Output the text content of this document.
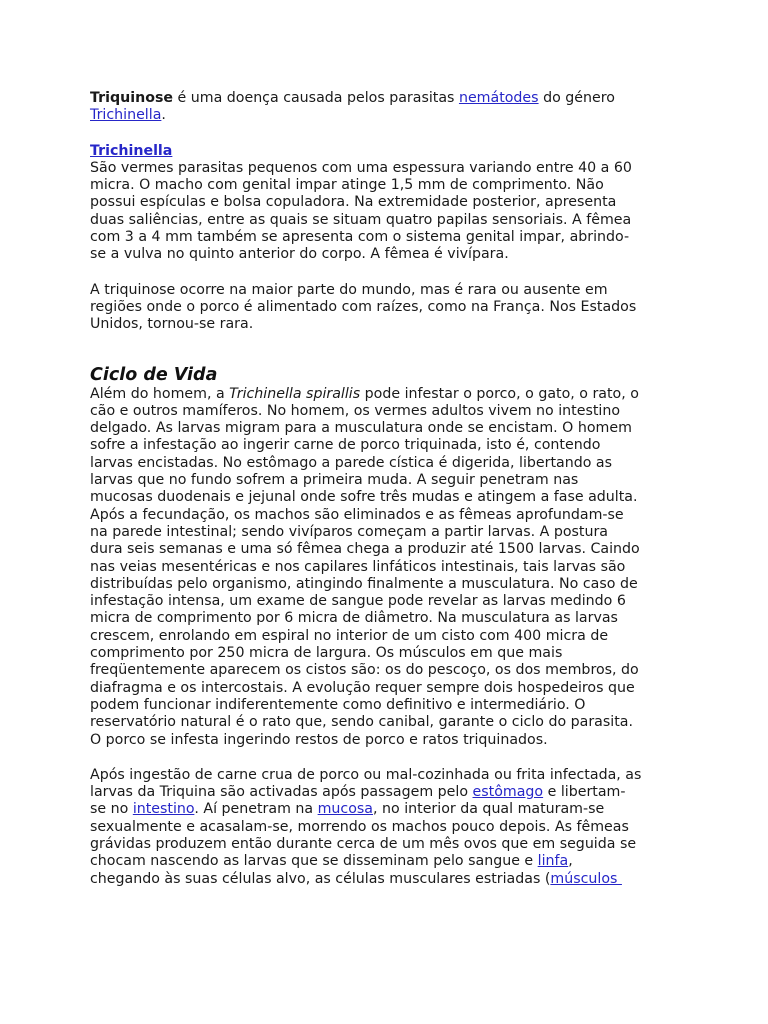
Triquinose é uma doença causada pelos parasitas nemátodes do género
Trichinella.

Trichinella
São vermes parasitas pequenos com uma espessura variando entre 40 a 60
micra. O macho com genital impar atinge 1,5 mm de comprimento. Não
possui espículas e bolsa copuladora. Na extremidade posterior, apresenta
duas saliências, entre as quais se situam quatro papilas sensoriais. A fêmea
com 3 a 4 mm também se apresenta com o sistema genital impar, abrindo-
se a vulva no quinto anterior do corpo. A fêmea é vivípara.

A triquinose ocorre na maior parte do mundo, mas é rara ou ausente em
regiões onde o porco é alimentado com raízes, como na França. Nos Estados
Unidos, tornou-se rara.

Ciclo de Vida

Além do homem, a Trichinella spirallis pode infestar o porco, o gato, o rato, o
cão e outros mamíferos. No homem, os vermes adultos vivem no intestino
delgado. As larvas migram para a musculatura onde se encistam. O homem
sofre a infestação ao ingerir carne de porco triquinada, isto é, contendo
larvas encistadas. No estômago a parede cística é digerida, libertando as
larvas que no fundo sofrem a primeira muda. A seguir penetram nas
mucosas duodenais e jejunal onde sofre três mudas e atingem a fase adulta.
Após a fecundação, os machos são eliminados e as fêmeas aprofundam-se
na parede intestinal; sendo vivíparos começam a partir larvas. A postura
dura seis semanas e uma só fêmea chega a produzir até 1500 larvas. Caindo
nas veias mesentéricas e nos capilares linfáticos intestinais, tais larvas são
distribuídas pelo organismo, atingindo finalmente a musculatura. No caso de
infestação intensa, um exame de sangue pode revelar as larvas medindo 6
micra de comprimento por 6 micra de diâmetro. Na musculatura as larvas
crescem, enrolando em espiral no interior de um cisto com 400 micra de
comprimento por 250 micra de largura. Os músculos em que mais
freqüentemente aparecem os cistos são: os do pescoço, os dos membros, do
diafragma e os intercostais. A evolução requer sempre dois hospedeiros que
podem funcionar indiferentemente como definitivo e intermediário. O
reservatório natural é o rato que, sendo canibal, garante o ciclo do parasita.
O porco se infesta ingerindo restos de porco e ratos triquinados.

Após ingestão de carne crua de porco ou mal-cozinhada ou frita infectada, as
larvas da Triquina são activadas após passagem pelo estômago e libertam-
se no intestino. Aí penetram na mucosa, no interior da qual maturam-se
sexualmente e acasalam-se, morrendo os machos pouco depois. As fêmeas
grávidas produzem então durante cerca de um mês ovos que em seguida se
chocam nascendo as larvas que se disseminam pelo sangue e linfa,
chegando às suas células alvo, as células musculares estriadas (músculos
